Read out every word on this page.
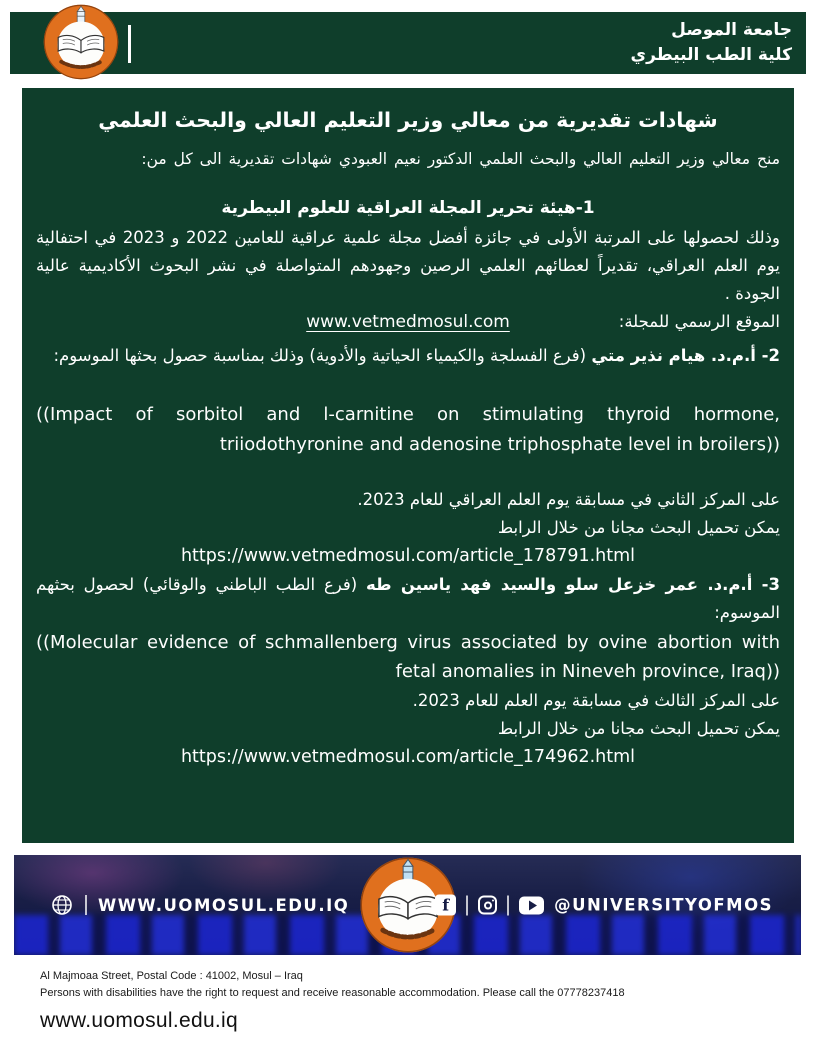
جامعة الموصل
كلية الطب البيطري
شهادات تقديرية من معالي وزير التعليم العالي والبحث العلمي

منح معالي وزير التعليم العالي والبحث العلمي الدكتور نعيم العبودي شهادات تقديرية الى كل من:

1-هيئة تحرير المجلة العراقية للعلوم البيطرية

وذلك لحصولها على المرتبة الأولى في جائزة أفضل مجلة علمية عراقية للعامين 2022 و 2023 في احتفالية يوم العلم العراقي، تقديراً لعطائهم العلمي الرصين وجهودهم المتواصلة في نشر البحوث الأكاديمية عالية الجودة .

الموقع الرسمي للمجلة:
www.vetmedmosul.com

2- أ.م.د. هيام نذير متي (فرع الفسلجة والكيمياء الحياتية والأدوية) وذلك بمناسبة حصول بحثها الموسوم:

((Impact of sorbitol and l-carnitine on stimulating thyroid hormone, triiodothyronine and adenosine triphosphate level in broilers))

على المركز الثاني في مسابقة يوم العلم العراقي للعام 2023.

يمكن تحميل البحث مجانا من خلال الرابط

https://www.vetmedmosul.com/article_178791.html

3- أ.م.د. عمر خزعل سلو والسيد فهد ياسين طه (فرع الطب الباطني والوقائي) لحصول بحثهم الموسوم:

((Molecular evidence of schmallenberg virus associated by ovine abortion with fetal anomalies in Nineveh province, Iraq))

على المركز الثالث في مسابقة يوم العلم للعام 2023.

يمكن تحميل البحث مجانا من خلال الرابط

https://www.vetmedmosul.com/article_174962.html
WWW.UOMOSUL.EDU.IQ	f	@UNIVERSITYOFMOS
Al Majmoaa Street, Postal Code : 41002, Mosul – Iraq
Persons with disabilities have the right to request and receive reasonable accommodation. Please call the 07778237418
www.uomosul.edu.iq
